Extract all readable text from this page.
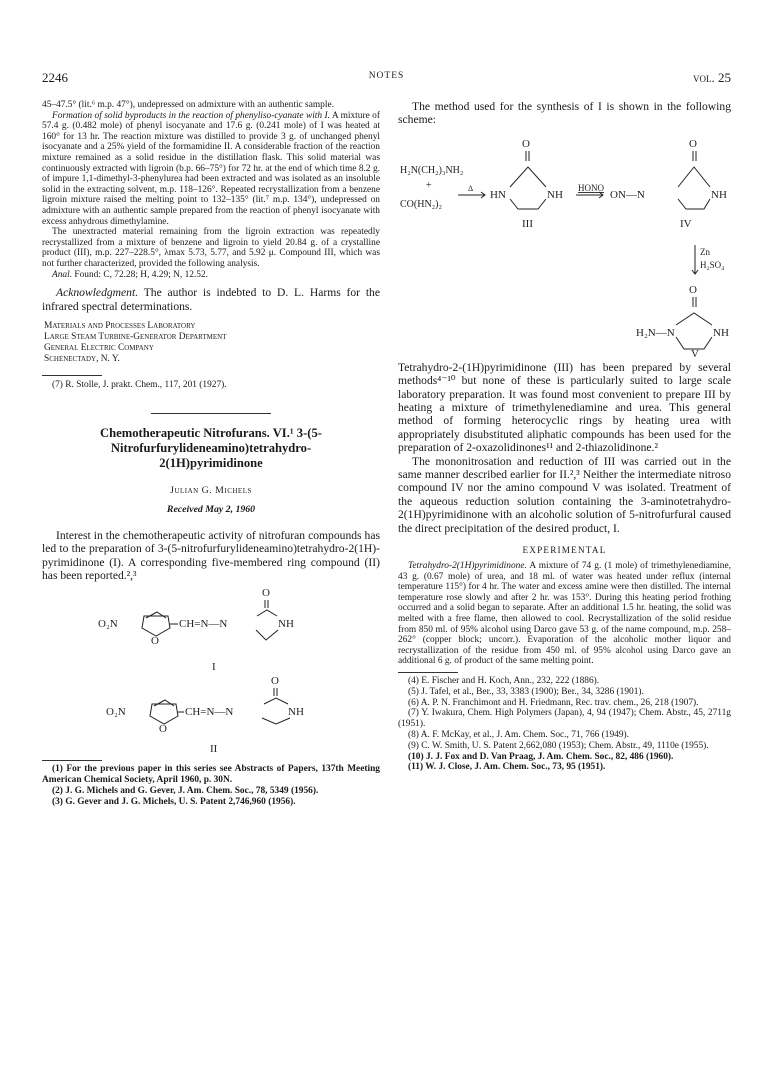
2246	NOTES	vol. 25

45–47.5° (lit.⁶ m.p. 47°), undepressed on admixture with an authentic sample.

Formation of solid byproducts in the reaction of phenyliso-cyanate with I. A mixture of 57.4 g. (0.482 mole) of phenyl isocyanate and 17.6 g. (0.241 mole) of I was heated at 160° for 13 hr. The reaction mixture was distilled to provide 3 g. of unchanged phenyl isocyanate and a 25% yield of the formamidine II. A considerable fraction of the reaction mixture remained as a solid residue in the distillation flask. This solid material was continuously extracted with ligroin (b.p. 66–75°) for 72 hr. at the end of which time 8.2 g. of impure 1,1-dimethyl-3-phenylurea had been extracted and was isolated as an insoluble solid in the extracting solvent, m.p. 118–126°. Repeated recrystallization from a benzene ligroin mixture raised the melting point to 132–135° (lit.⁷ m.p. 134°), undepressed on admixture with an authentic sample prepared from the reaction of phenyl isocyanate with excess anhydrous dimethylamine.

The unextracted material remaining from the ligroin extraction was repeatedly recrystallized from a mixture of benzene and ligroin to yield 20.84 g. of a crystalline product (III), m.p. 227–228.5°, λmax 5.73, 5.77, and 5.92 μ. Compound III, which was not further characterized, provided the following analysis.

Anal. Found: C, 72.28; H, 4.29; N, 12.52.

Acknowledgment. The author is indebted to D. L. Harms for the infrared spectral determinations.

Materials and Processes Laboratory
Large Steam Turbine-Generator Department
General Electric Company
Schenectady, N. Y.

(7) R. Stolle, J. prakt. Chem., 117, 201 (1927).

Chemotherapeutic Nitrofurans. VI.¹ 3-(5-
Nitrofurfurylideneamino)tetrahydro-
2(1H)pyrimidinone
Julian G. Michels
Received May 2, 1960

Interest in the chemotherapeutic activity of nitrofuran compounds has led to the preparation of 3-(5-nitrofurfurylideneamino)tetrahydro-2(1H)-pyrimidinone (I). A corresponding five-membered ring compound (II) has been reported.²,³

O₂N
O
CH=N—N
O
NH
I
O₂N
O
CH=N—N
O
NH
II

(1) For the previous paper in this series see Abstracts of Papers, 137th Meeting American Chemical Society, April 1960, p. 30N.

(2) J. G. Michels and G. Gever, J. Am. Chem. Soc., 78, 5349 (1956).

(3) G. Gever and J. G. Michels, U. S. Patent 2,746,960 (1956).

The method used for the synthesis of I is shown in the following scheme:

H₂N(CH₂)₃NH₂
+
CO(HN₂)₂
Δ
O
HN	NH
III
HONO
ON—N
O
NH
IV
Zn
H₂SO₄
O
H₂N—N	NH
V

Tetrahydro-2-(1H)pyrimidinone (III) has been prepared by several methods⁴⁻¹⁰ but none of these is particularly suited to large scale laboratory preparation. It was found most convenient to prepare III by heating a mixture of trimethylenediamine and urea. This general method of forming heterocyclic rings by heating urea with appropriately disubstituted aliphatic compounds has been used for the preparation of 2-oxazolidinones¹¹ and 2-thiazolidinone.²

The mononitrosation and reduction of III was carried out in the same manner described earlier for II.²,³ Neither the intermediate nitroso compound IV nor the amino compound V was isolated. Treatment of the aqueous reduction solution containing the 3-aminotetrahydro-2(1H)pyrimidinone with an alcoholic solution of 5-nitrofurfural caused the direct precipitation of the desired product, I.

EXPERIMENTAL

Tetrahydro-2(1H)pyrimidinone. A mixture of 74 g. (1 mole) of trimethylenediamine, 43 g. (0.67 mole) of urea, and 18 ml. of water was heated under reflux (internal temperature 115°) for 4 hr. The water and excess amine were then distilled. The internal temperature rose slowly and after 2 hr. was 153°. During this heating period frothing occurred and a solid began to separate. After an additional 1.5 hr. heating, the solid was melted with a free flame, then allowed to cool. Recrystallization of the solid residue from 850 ml. of 95% alcohol using Darco gave 53 g. of the name compound, m.p. 258–262° (copper block; uncorr.). Evaporation of the alcoholic mother liquor and recrystallization of the residue from 450 ml. of 95% alcohol using Darco gave an additional 6 g. of product of the same melting point.

(4) E. Fischer and H. Koch, Ann., 232, 222 (1886).

(5) J. Tafel, et al., Ber., 33, 3383 (1900); Ber., 34, 3286 (1901).

(6) A. P. N. Franchimont and H. Friedmann, Rec. trav. chem., 26, 218 (1907).

(7) Y. Iwakura, Chem. High Polymers (Japan), 4, 94 (1947); Chem. Abstr., 45, 2711g (1951).

(8) A. F. McKay, et al., J. Am. Chem. Soc., 71, 766 (1949).

(9) C. W. Smith, U. S. Patent 2,662,080 (1953); Chem. Abstr., 49, 1110e (1955).

(10) J. J. Fox and D. Van Praag, J. Am. Chem. Soc., 82, 486 (1960).

(11) W. J. Close, J. Am. Chem. Soc., 73, 95 (1951).
